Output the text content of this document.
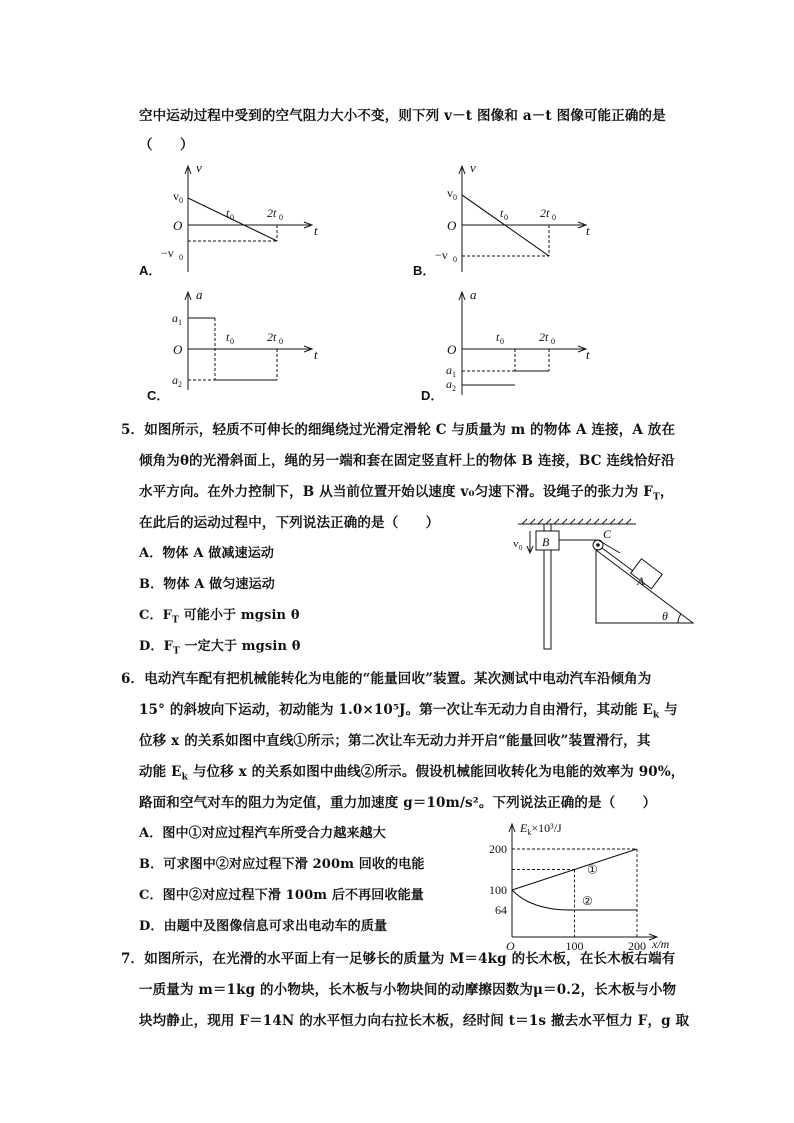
空中运动过程中受到的空气阻力大小不变，则下列 v－t 图像和 a－t 图像可能正确的是
（　　）
v
t
O
v 0
−v 0
t 0	2t 0
A．
v
t
O
v 0
−v 0
t 0	2t 0
B．
a
t
O
a 1
a 2
t 0	2t 0
C．
a
t
O
a 1
a 2
t 0	2t 0
D．
5．如图所示，轻质不可伸长的细绳绕过光滑定滑轮 C 与质量为 m 的物体 A 连接，A 放在
倾角为θ的光滑斜面上，绳的另一端和套在固定竖直杆上的物体 B 连接，BC 连线恰好沿
水平方向。在外力控制下，B 从当前位置开始以速度 v₀匀速下滑。设绳子的张力为 $F_T$，
在此后的运动过程中，下列说法正确的是（　　）
A．物体 A 做减速运动
B．物体 A 做匀速运动
C．$F_T$ 可能小于 mgsin θ
D．$F_T$ 一定大于 mgsin θ
B
C
A
θ
v 0
6．电动汽车配有把机械能转化为电能的“能量回收”装置。某次测试中电动汽车沿倾角为
15° 的斜坡向下运动，初动能为 1.0×10⁵J。第一次让车无动力自由滑行，其动能 $E_k$ 与
位移 x 的关系如图中直线①所示；第二次让车无动力并开启“能量回收”装置滑行，其
动能 $E_k$ 与位移 x 的关系如图中曲线②所示。假设机械能回收转化为电能的效率为 90%，
路面和空气对车的阻力为定值，重力加速度 g＝10m/s²。下列说法正确的是（　　）
A．图中①对应过程汽车所受合力越来越大
B．可求图中②对应过程下滑 200m 回收的电能
C．图中②对应过程下滑 100m 后不再回收能量
D．由题中及图像信息可求出电动车的质量
①
②
64
100
200
100	200
O	x/m
$E_k\times 10^3/J$
7．如图所示，在光滑的水平面上有一足够长的质量为 M＝4kg 的长木板，在长木板右端有
一质量为 m＝1kg 的小物块，长木板与小物块间的动摩擦因数为μ＝0.2，长木板与小物
块均静止，现用 F＝14N 的水平恒力向右拉长木板，经时间 t＝1s 撤去水平恒力 F，g 取
